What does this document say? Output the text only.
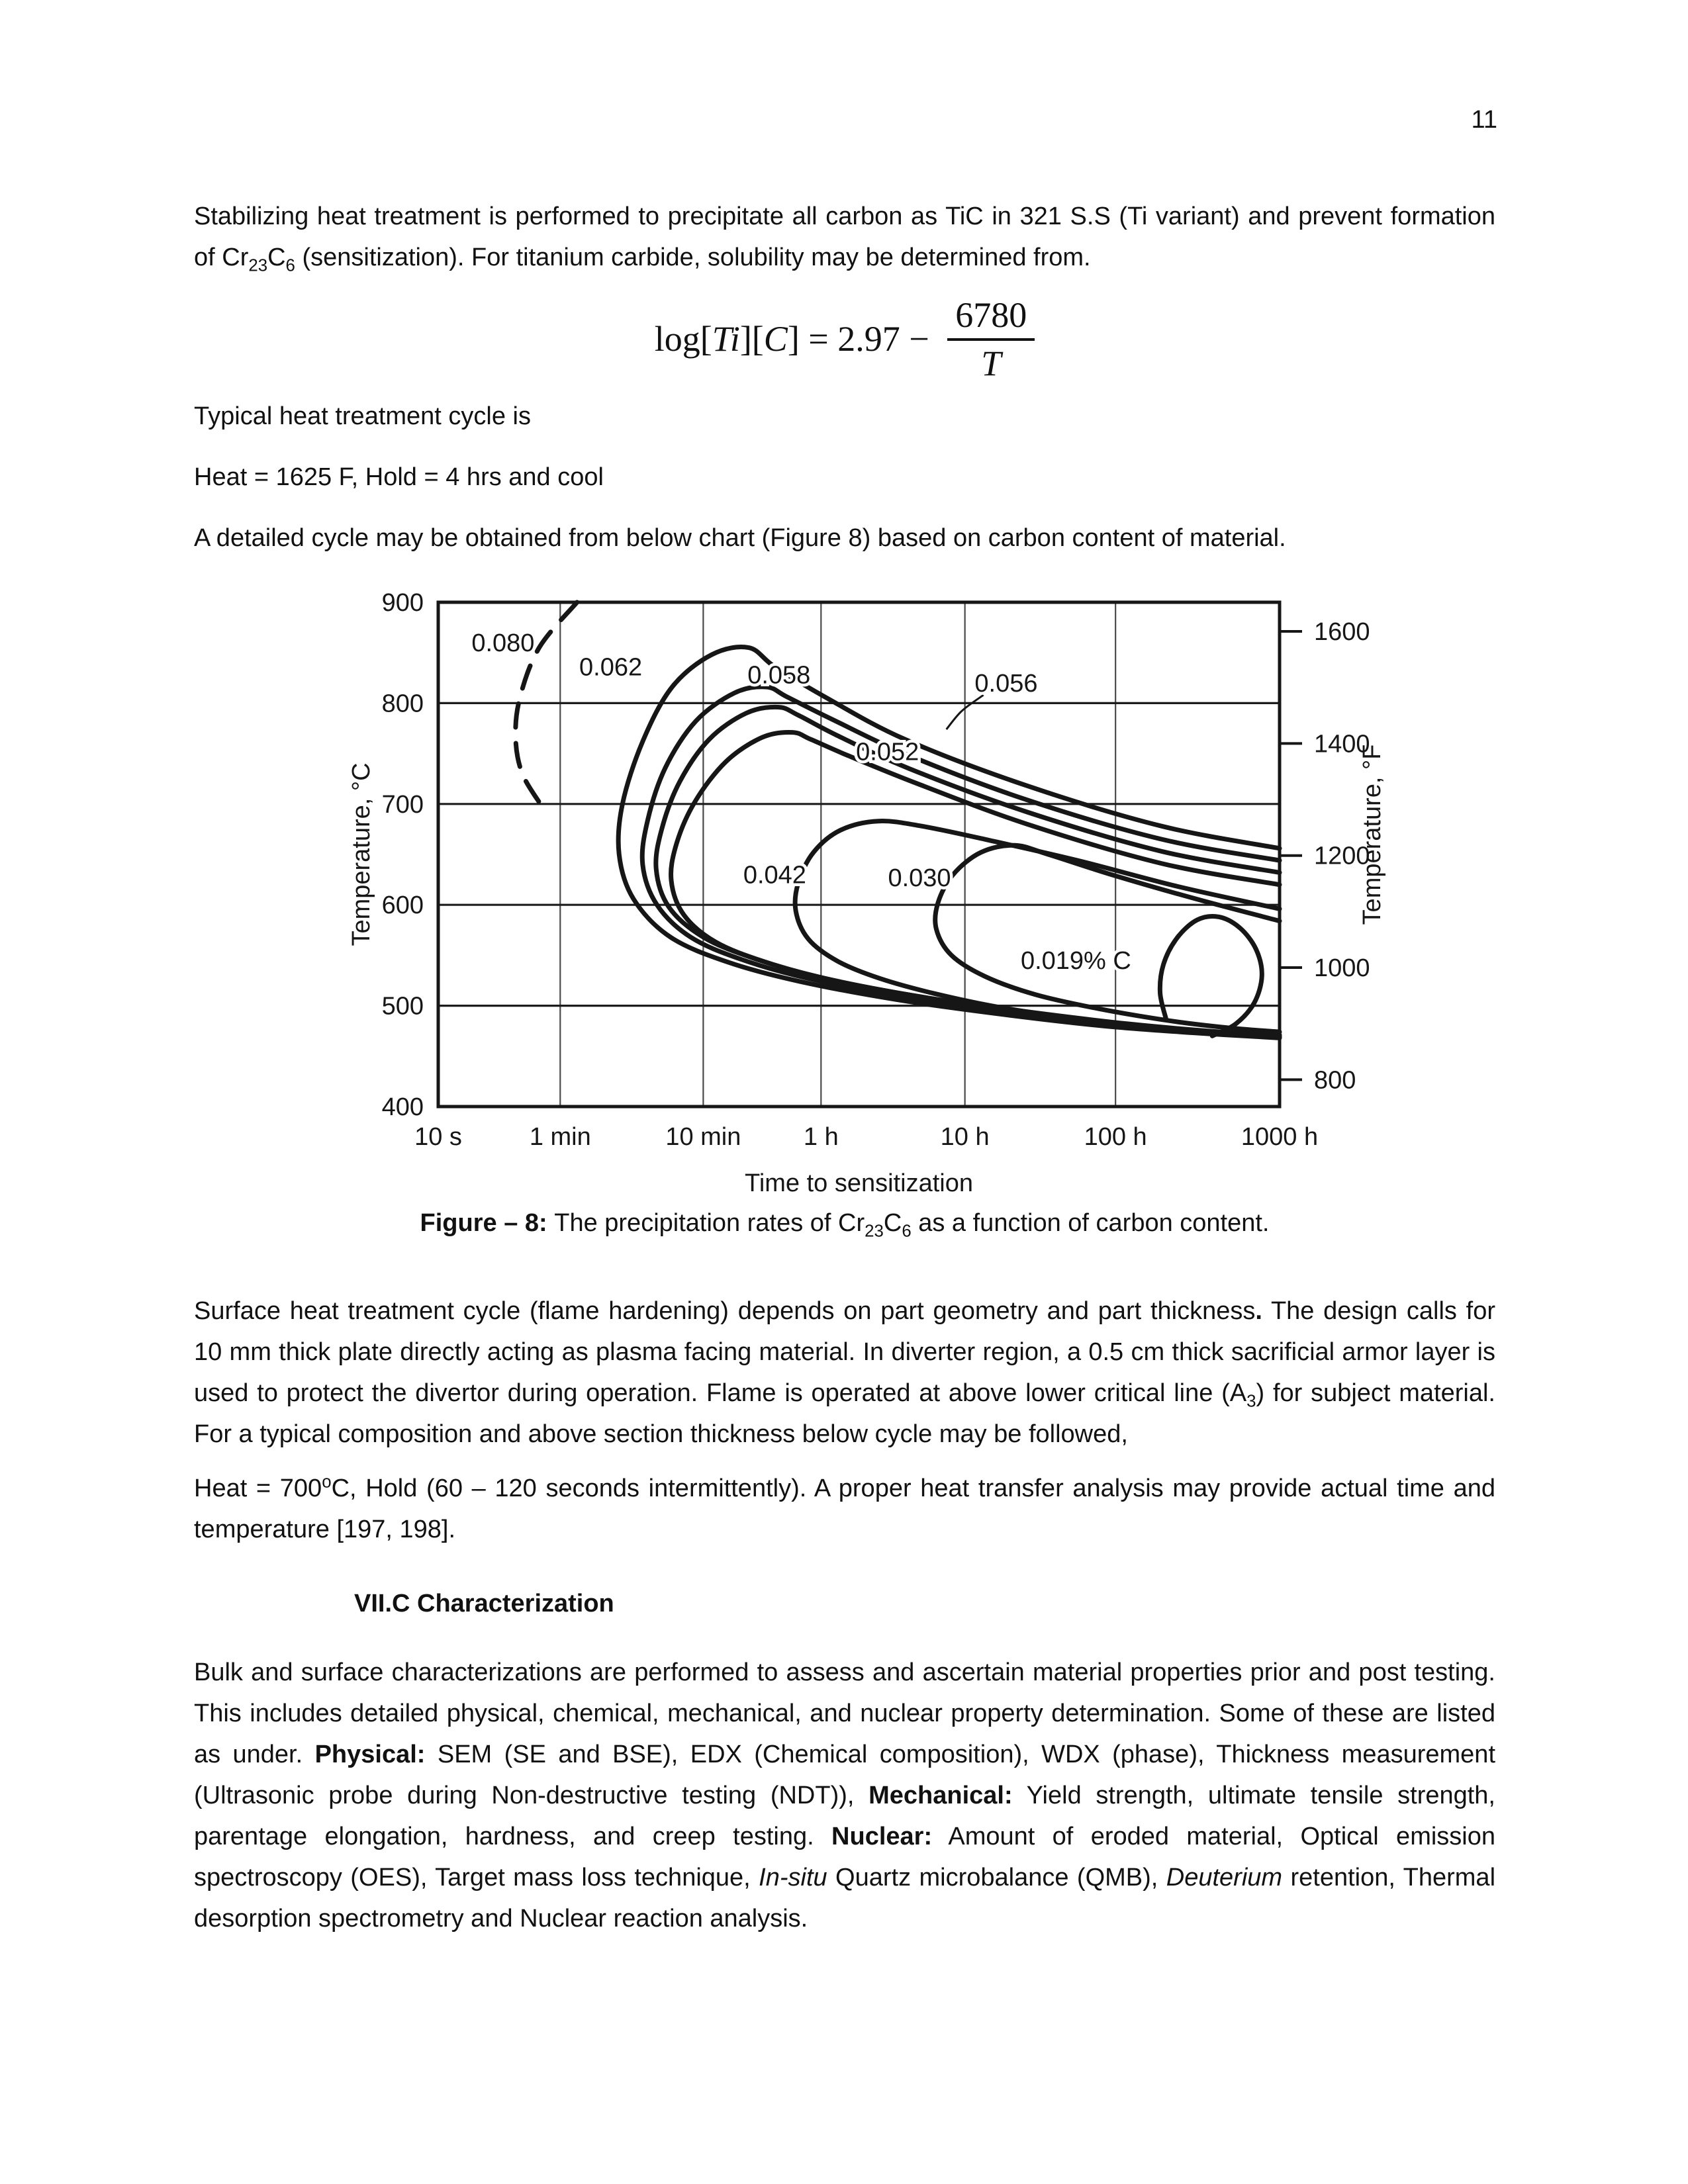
11
Stabilizing heat treatment is performed to precipitate all carbon as TiC in 321 S.S (Ti variant) and prevent formation of $Cr_{23}C_6$ (sensitization). For titanium carbide, solubility may be determined from.
$\log[Ti][C] = 2.97 - \frac{6780}{T}$
Typical heat treatment cycle is
Heat = 1625 F, Hold = 4 hrs and cool
A detailed cycle may be obtained from below chart (Figure 8) based on carbon content of material.
900
800
700
600
500
400
1600
1400
1200
1000
800
10 s	1 min	10 min 1 h	10 h	100 h	1000 h
Temperature, °C	Temperature, °F
Time to sensitization
0.080
0.062	0.058	0.056
0.052
0.042	0.030
0.019% C
Figure – 8: The precipitation rates of $Cr_{23}C_6$ as a function of carbon content.
Surface heat treatment cycle (flame hardening) depends on part geometry and part thickness. The design calls for 10 mm thick plate directly acting as plasma facing material. In diverter region, a 0.5 cm thick sacrificial armor layer is used to protect the divertor during operation. Flame is operated at above lower critical line $(A_3)$ for subject material. For a typical composition and above section thickness below cycle may be followed,
Heat = $700^oC$, Hold (60 – 120 seconds intermittently). A proper heat transfer analysis may provide actual time and temperature [197, 198].
VII.C Characterization
Bulk and surface characterizations are performed to assess and ascertain material properties prior and post testing. This includes detailed physical, chemical, mechanical, and nuclear property determination. Some of these are listed as under. Physical: SEM (SE and BSE), EDX (Chemical composition), WDX (phase), Thickness measurement (Ultrasonic probe during Non-destructive testing (NDT)), Mechanical: Yield strength, ultimate tensile strength, parentage elongation, hardness, and creep testing. Nuclear: Amount of eroded material, Optical emission spectroscopy (OES), Target mass loss technique, In-situ Quartz microbalance (QMB), Deuterium retention, Thermal desorption spectrometry and Nuclear reaction analysis.
